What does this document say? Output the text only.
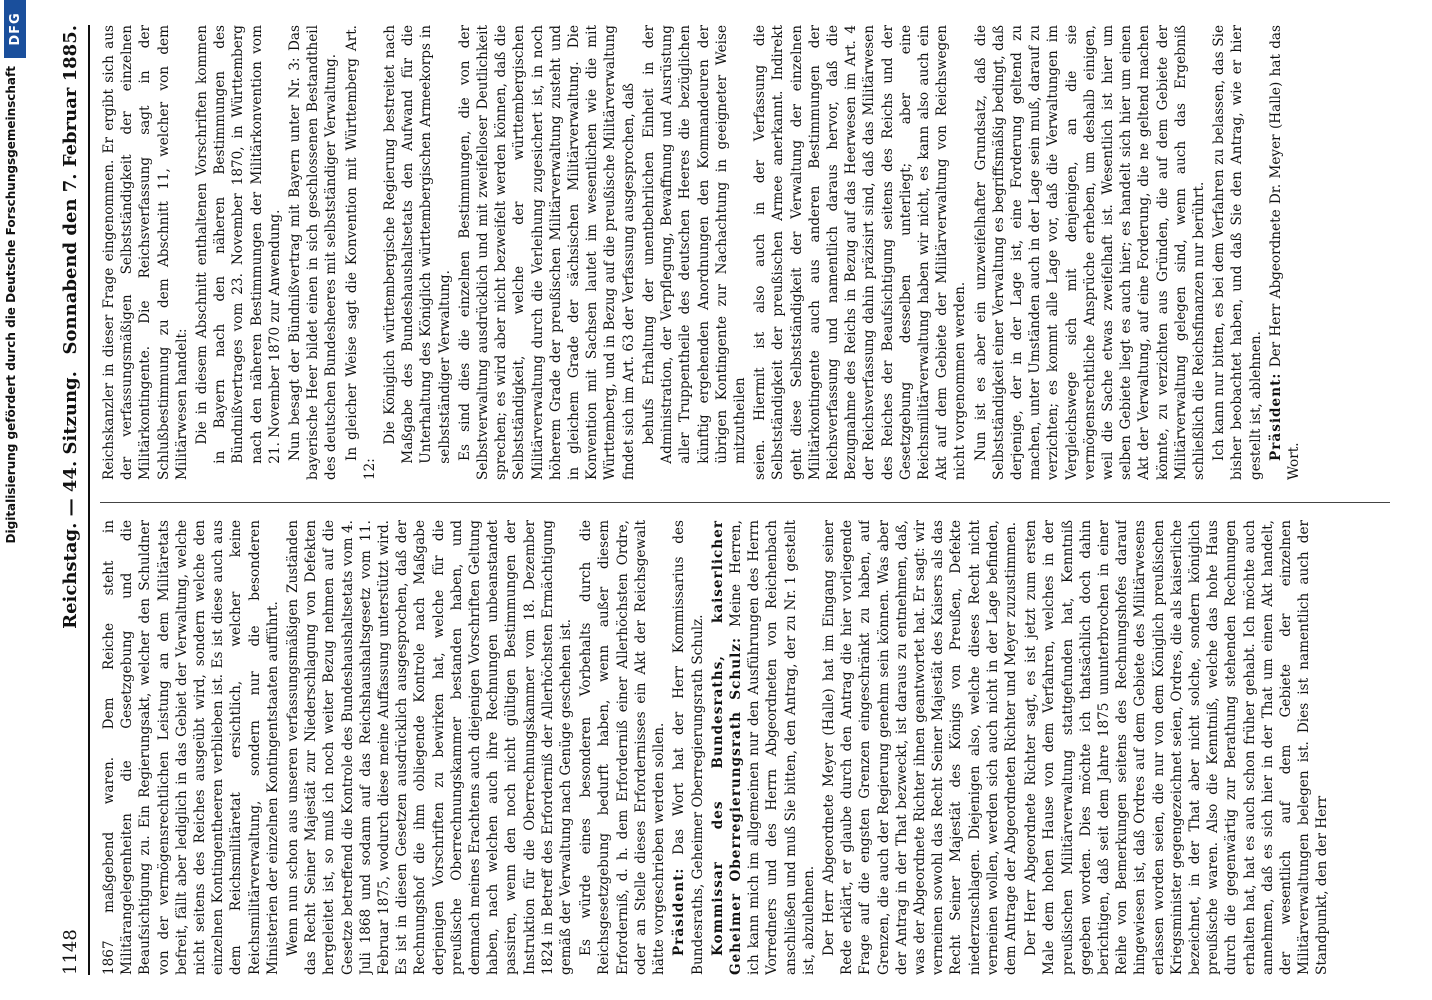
Digitalisierung gefördert durch die Deutsche Forschungsgemeinschaft
DFG
1148
Reichstag. — 44. Sitzung.
Sonnabend den 7. Februar 1885.

1867 maßgebend waren. Dem Reiche steht in Militärangelegenheiten die Gesetzgebung und die Beaufsichtigung zu. Ein Regierungsakt, welcher den Schuldner von der vermögensrechtlichen Leistung an dem Militäretats befreit, fällt aber lediglich in das Gebiet der Verwaltung, welche nicht seitens des Reiches ausgeübt wird, sondern welche den einzelnen Kontingentheeren verblieben ist. Es ist diese auch aus dem Reichsmilitäretat ersichtlich, welcher keine Reichsmilitärverwaltung, sondern nur die besonderen Ministerien der einzelnen Kontingentstaaten aufführt. Wenn nun schon aus unseren verfassungsmäßigen Zuständen das Recht Seiner Majestät zur Niederschlagung von Defekten hergeleitet ist, so muß ich noch weiter Bezug nehmen auf die Gesetze betreffend die Kontrole des Bundeshaushaltsetats vom 4. Juli 1868 und sodann auf das Reichshaushaltsgesetz vom 11. Februar 1875, wodurch diese meine Auffassung unterstützt wird. Es ist in diesen Gesetzen ausdrücklich ausgesprochen, daß der Rechnungshof die ihm obliegende Kontrole nach Maßgabe derjenigen Vorschriften zu bewirken hat, welche für die preußische Oberrechnungskammer bestanden haben, und demnach meines Erachtens auch diejenigen Vorschriften Geltung haben, nach welchen auch ihre Rechnungen unbeanstandet passiren, wenn den noch nicht gültigen Bestimmungen der Instruktion für die Oberrechnungskammer vom 18. Dezember 1824 in Betreff des Erforderniß der Allerhöchsten Ermächtigung gemäß der Verwaltung nach Genüge geschehen ist. Es würde eines besonderen Vorbehalts durch die Reichsgesetzgebung bedurft haben, wenn außer diesem Erforderniß, d. h. dem Erforderniß einer Allerhöchsten Ordre, oder an Stelle dieses Erfordernisses ein Akt der Reichsgewalt hätte vorgeschrieben werden sollen. Präsident: Das Wort hat der Herr Kommissarius des Bundesraths, Geheimer Oberregierungsrath Schulz. Kommissar des Bundesraths, kaiserlicher Geheimer Oberregierungsrath Schulz: Meine Herren, ich kann mich im allgemeinen nur den Ausführungen des Herrn Vorredners und des Herrn Abgeordneten von Reichenbach anschließen und muß Sie bitten, den Antrag, der zu Nr. 1 gestellt ist, abzulehnen. Der Herr Abgeordnete Meyer (Halle) hat im Eingang seiner Rede erklärt, er glaube durch den Antrag die hier vorliegende Frage auf die engsten Grenzen eingeschränkt zu haben, auf Grenzen, die auch der Regierung genehm sein können. Was aber der Antrag in der That bezweckt, ist daraus zu entnehmen, daß, was der Abgeordnete Richter ihnen geantwortet hat. Er sagt: wir verneinen sowohl das Recht Seiner Majestät des Kaisers als das Recht Seiner Majestät des Königs von Preußen, Defekte niederzuschlagen. Diejenigen also, welche dieses Recht nicht verneinen wollen, werden sich auch nicht in der Lage befinden, dem Antrage der Abgeordneten Richter und Meyer zuzustimmen. Der Herr Abgeordnete Richter sagt, es ist jetzt zum ersten Male dem hohen Hause von dem Verfahren, welches in der preußischen Militärverwaltung stattgefunden hat, Kenntniß gegeben worden. Dies möchte ich thatsächlich doch dahin berichtigen, daß seit dem Jahre 1875 ununterbrochen in einer Reihe von Bemerkungen seitens des Rechnungshofes darauf hingewiesen ist, daß Ordres auf dem Gebiete des Militärwesens erlassen worden seien, die nur von dem Königlich preußischen Kriegsminister gegengezeichnet seien, Ordres, die als kaiserliche bezeichnet, in der That aber nicht solche, sondern königlich preußische waren. Also die Kenntniß, welche das hohe Haus durch die gegenwärtig zur Berathung stehenden Rechnungen erhalten hat, hat es auch schon früher gehabt. Ich möchte auch annehmen, daß es sich hier in der That um einen Akt handelt, der wesentlich auf dem Gebiete der einzelnen Militärverwaltungen belegen ist. Dies ist namentlich auch der Standpunkt, den der Herr

Reichskanzler in dieser Frage eingenommen. Er ergibt sich aus der verfassungsmäßigen Selbstständigkeit der einzelnen Militärkontingente. Die Reichsverfassung sagt in der Schlußbestimmung zu dem Abschnitt 11, welcher von dem Militärwesen handelt: Die in diesem Abschnitt enthaltenen Vorschriften kommen in Bayern nach den näheren Bestimmungen des Bündnißvertrages vom 23. November 1870, in Württemberg nach den näheren Bestimmungen der Militärkonvention vom 21. November 1870 zur Anwendung. Nun besagt der Bündnißvertrag mit Bayern unter Nr. 3: Das bayerische Heer bildet einen in sich geschlossenen Bestandtheil des deutschen Bundesheeres mit selbstständiger Verwaltung. In gleicher Weise sagt die Konvention mit Württemberg Art. 12:

Die Königlich württembergische Regierung bestreitet nach Maßgabe des Bundeshaushaltsetats den Aufwand für die Unterhaltung des Königlich württembergischen Armeekorps in selbstständiger Verwaltung. Es sind dies die einzelnen Bestimmungen, die von der Selbstverwaltung ausdrücklich und mit zweifelloser Deutlichkeit sprechen; es wird aber nicht bezweifelt werden können, daß die Selbstständigkeit, welche der württembergischen Militärverwaltung durch die Verleihung zugesichert ist, in noch höherem Grade der preußischen Militärverwaltung zusteht und in gleichem Grade der sächsischen Militärverwaltung. Die Konvention mit Sachsen lautet im wesentlichen wie die mit Württemberg, und in Bezug auf die preußische Militärverwaltung findet sich im Art. 63 der Verfassung ausgesprochen, daß behufs Erhaltung der unentbehrlichen Einheit in der Administration, der Verpflegung, Bewaffnung und Ausrüstung aller Truppentheile des deutschen Heeres die bezüglichen künftig ergehenden Anordnungen den Kommandeuren der übrigen Kontingente zur Nachachtung in geeigneter Weise mitzutheilen seien. Hiermit ist also auch in der Verfassung die Selbstständigkeit der preußischen Armee anerkannt. Indirekt geht diese Selbstständigkeit der Verwaltung der einzelnen Militärkontingente auch aus anderen Bestimmungen der Reichsverfassung und namentlich daraus hervor, daß die Bezugnahme des Reichs in Bezug auf das Heerwesen im Art. 4 der Reichsverfassung dahin präzisirt sind, daß das Militärwesen des Reiches der Beaufsichtigung seitens des Reichs und der Gesetzgebung desselben unterliegt; aber eine Reichsmilitärverwaltung haben wir nicht, es kann also auch ein Akt auf dem Gebiete der Militärverwaltung von Reichswegen nicht vorgenommen werden. Nun ist es aber ein unzweifelhafter Grundsatz, daß die Selbstständigkeit einer Verwaltung es begriffsmäßig bedingt, daß derjenige, der in der Lage ist, eine Forderung geltend zu machen, unter Umständen auch in der Lage sein muß, darauf zu verzichten; es kommt alle Lage vor, daß die Verwaltungen im Vergleichswege sich mit denjenigen, an die sie vermögensrechtliche Ansprüche erheben, um deshalb einigen, weil die Sache etwas zweifelhaft ist. Wesentlich ist hier um selben Gebiete liegt es auch hier; es handelt sich hier um einen Akt der Verwaltung, auf eine Forderung, die ne geltend machen könnte, zu verzichten aus Gründen, die auf dem Gebiete der Militärverwaltung gelegen sind, wenn auch das Ergebniß schließlich die Reichsfinanzen nur berührt. Ich kann nur bitten, es bei dem Verfahren zu belassen, das Sie bisher beobachtet haben, und daß Sie den Antrag, wie er hier gestellt ist, ablehnen. Präsident: Der Herr Abgeordnete Dr. Meyer (Halle) hat das Wort.
